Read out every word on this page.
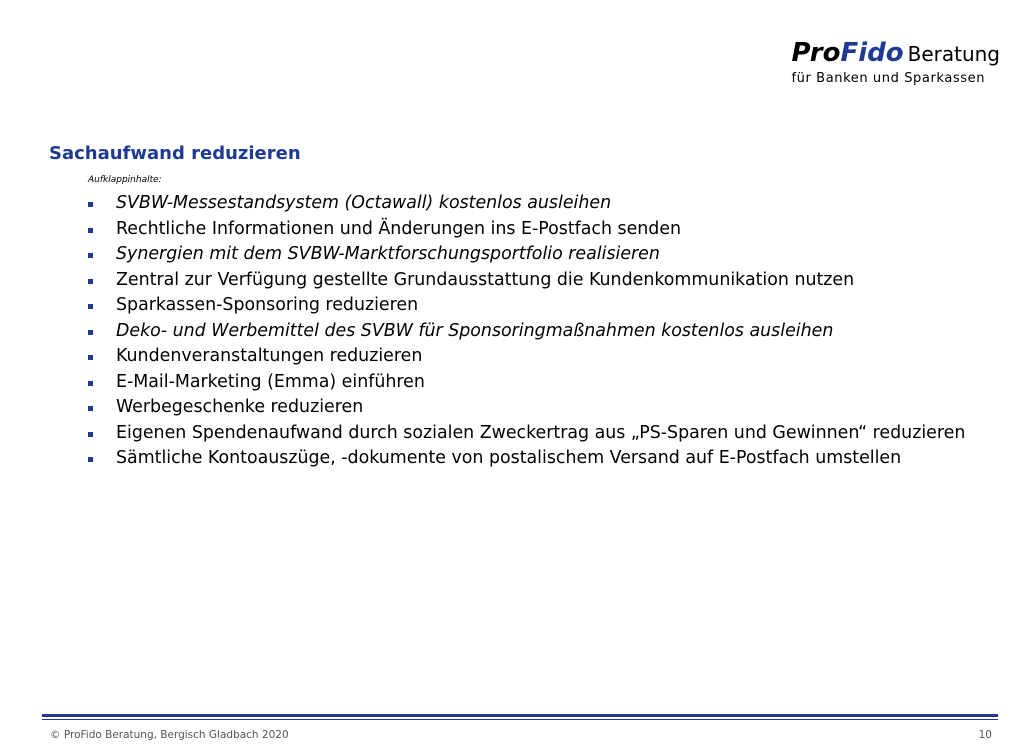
ProFido Beratung
für Banken und Sparkassen
Sachaufwand reduzieren
Aufklappinhalte:
SVBW-Messestandsystem (Octawall) kostenlos ausleihen
Rechtliche Informationen und Änderungen ins E-Postfach senden
Synergien mit dem SVBW-Marktforschungsportfolio realisieren
Zentral zur Verfügung gestellte Grundausstattung die Kundenkommunikation nutzen
Sparkassen-Sponsoring reduzieren
Deko- und Werbemittel des SVBW für Sponsoringmaßnahmen kostenlos ausleihen
Kundenveranstaltungen reduzieren
E-Mail-Marketing (Emma) einführen
Werbegeschenke reduzieren
Eigenen Spendenaufwand durch sozialen Zweckertrag aus „PS-Sparen und Gewinnen“ reduzieren
Sämtliche Kontoauszüge, -dokumente von postalischem Versand auf E-Postfach umstellen
© ProFido Beratung, Bergisch Gladbach 2020	10
